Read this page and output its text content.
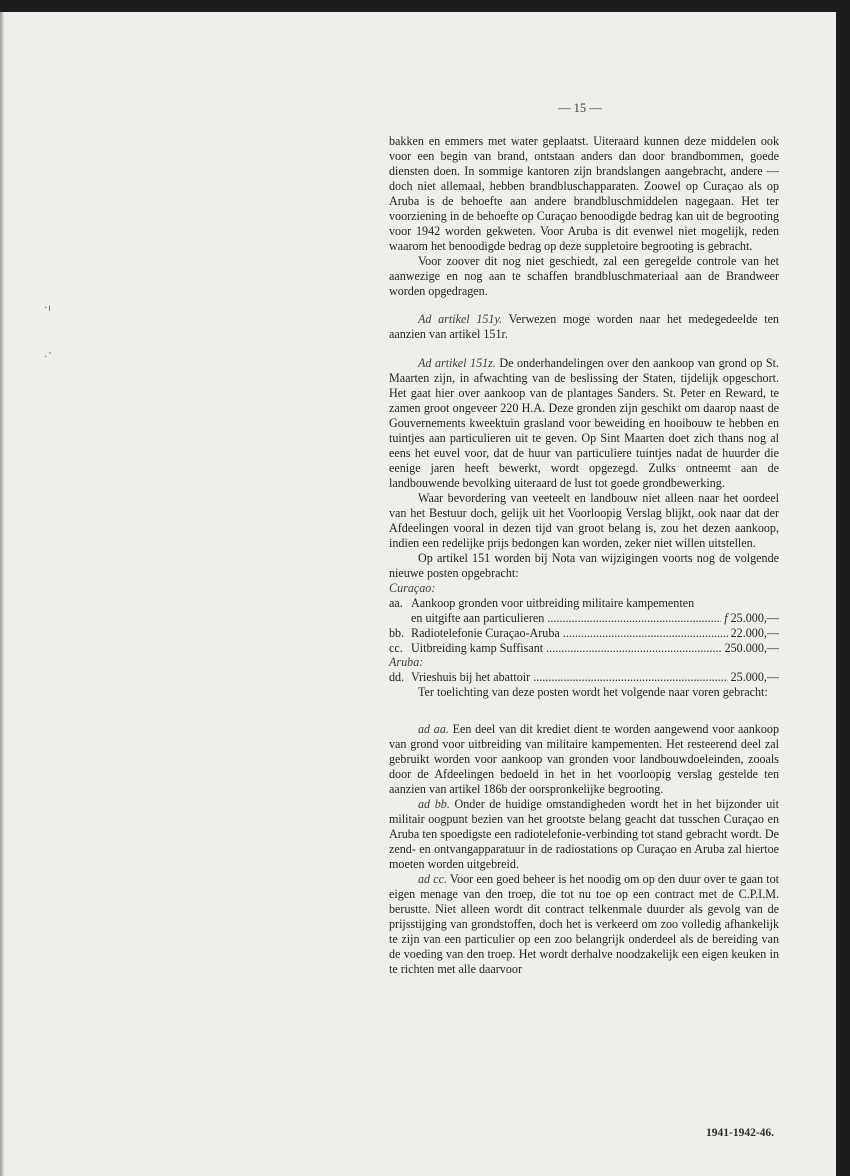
·ı
·ˋ
— 15 —

bakken en emmers met water geplaatst. Uiteraard kunnen deze middelen ook voor een begin van brand, ontstaan anders dan door brandbommen, goede diensten doen. In sommige kantoren zijn brandslangen aangebracht, andere — doch niet allemaal, hebben brandbluschapparaten. Zoowel op Curaçao als op Aruba is de behoefte aan andere brandbluschmiddelen nagegaan. Het ter voorziening in de behoefte op Curaçao benoodigde bedrag kan uit de begrooting voor 1942 worden gekweten. Voor Aruba is dit evenwel niet mogelijk, reden waarom het benoodigde bedrag op deze suppletoire begrooting is gebracht.

Voor zoover dit nog niet geschiedt, zal een geregelde controle van het aanwezige en nog aan te schaffen brandbluschmateriaal aan de Brandweer worden opgedragen.

Ad artikel 151y. Verwezen moge worden naar het medegedeelde ten aanzien van artikel 151r.

Ad artikel 151z. De onderhandelingen over den aankoop van grond op St. Maarten zijn, in afwachting van de beslissing der Staten, tijdelijk opgeschort. Het gaat hier over aankoop van de plantages Sanders. St. Peter en Reward, te zamen groot ongeveer 220 H.A. Deze gronden zijn geschikt om daarop naast de Gouvernements kweektuin grasland voor beweiding en hooibouw te hebben en tuintjes aan particulieren uit te geven. Op Sint Maarten doet zich thans nog al eens het euvel voor, dat de huur van particuliere tuintjes nadat de huurder die eenige jaren heeft bewerkt, wordt opgezegd. Zulks ontneemt aan de landbouwende bevolking uiteraard de lust tot goede grondbewerking.

Waar bevordering van veeteelt en landbouw niet alleen naar het oordeel van het Bestuur doch, gelijk uit het Voorloopig Verslag blijkt, ook naar dat der Afdeelingen vooral in dezen tijd van groot belang is, zou het dezen aankoop, indien een redelijke prijs bedongen kan worden, zeker niet willen uitstellen.

Op artikel 151 worden bij Nota van wijzigingen voorts nog de volgende nieuwe posten opgebracht:

Curaçao:
aa. Aankoop gronden voor uitbreiding militaire kampementen
en uitgifte aan particulieren .....	f 25.000,—
bb. Radiotelefonie Curaçao-Aruba .....	22.000,—
cc. Uitbreiding kamp Suffisant .....	250.000,—
Aruba:
dd. Vrieshuis bij het abattoir .....	25.000,—

Ter toelichting van deze posten wordt het volgende naar voren gebracht:

ad aa. Een deel van dit krediet dient te worden aangewend voor aankoop van grond voor uitbreiding van militaire kampementen. Het resteerend deel zal gebruikt worden voor aankoop van gronden voor landbouwdoeleinden, zooals door de Afdeelingen bedoeld in het in het voorloopig verslag gestelde ten aanzien van artikel 186b der oorspronkelijke begrooting.

ad bb. Onder de huidige omstandigheden wordt het in het bijzonder uit militair oogpunt bezien van het grootste belang geacht dat tusschen Curaçao en Aruba ten spoedigste een radiotelefonie-verbinding tot stand gebracht wordt. De zend- en ontvangapparatuur in de radiostations op Curaçao en Aruba zal hiertoe moeten worden uitgebreid.

ad cc. Voor een goed beheer is het noodig om op den duur over te gaan tot eigen menage van den troep, die tot nu toe op een contract met de C.P.I.M. berustte. Niet alleen wordt dit contract telkenmale duurder als gevolg van de prijsstijging van grondstoffen, doch het is verkeerd om zoo volledig afhankelijk te zijn van een particulier op een zoo belangrijk onderdeel als de bereiding van de voeding van den troep. Het wordt derhalve noodzakelijk een eigen keuken in te richten met alle daarvoor

1941-1942-46.
